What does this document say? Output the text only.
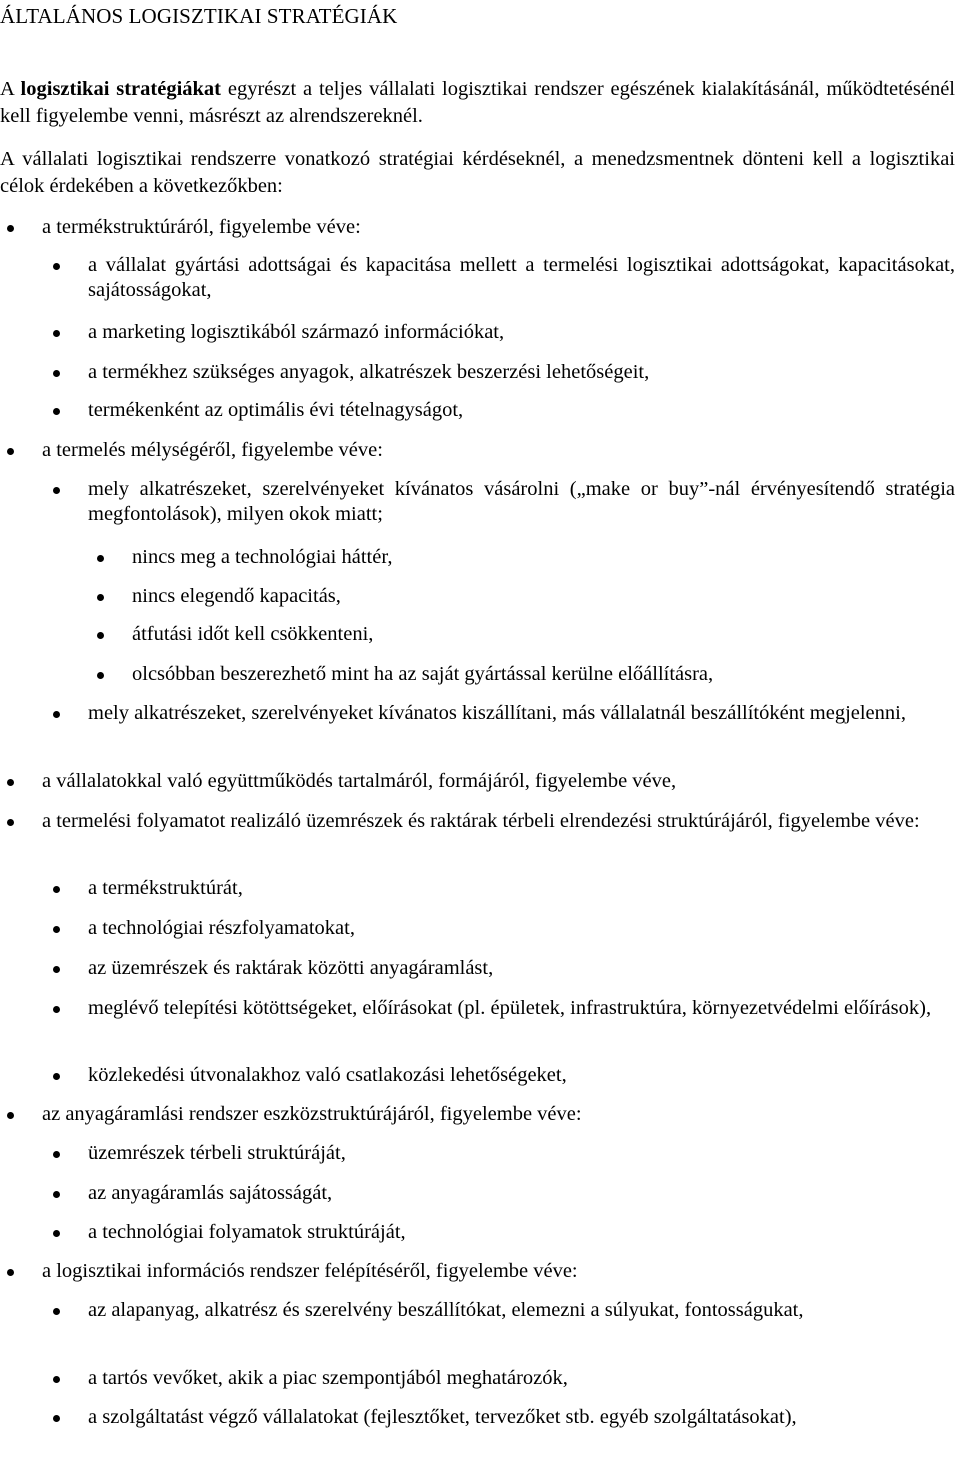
ÁLTALÁNOS LOGISZTIKAI STRATÉGIÁK
A logisztikai stratégiákat egyrészt a teljes vállalati logisztikai rendszer egészének kialakításánál, működtetésénél kell figyelembe venni, másrészt az alrendszereknél.
A vállalati logisztikai rendszerre vonatkozó stratégiai kérdéseknél, a menedzsmentnek dönteni kell a logisztikai célok érdekében a következőkben:
a termékstruktúráról, figyelembe véve:
a vállalat gyártási adottságai és kapacitása mellett a termelési logisztikai adottságokat, kapacitásokat, sajátosságokat,
a marketing logisztikából származó információkat,
a termékhez szükséges anyagok, alkatrészek beszerzési lehetőségeit,
termékenként az optimális évi tételnagyságot,
a termelés mélységéről, figyelembe véve:
mely alkatrészeket, szerelvényeket kívánatos vásárolni („make or buy”-nál érvényesítendő stratégia megfontolások), milyen okok miatt;
nincs meg a technológiai háttér,
nincs elegendő kapacitás,
átfutási időt kell csökkenteni,
olcsóbban beszerezhető mint ha az saját gyártással kerülne előállításra,
mely alkatrészeket, szerelvényeket kívánatos kiszállítani, más vállalatnál beszállítóként megjelenni,
a vállalatokkal való együttműködés tartalmáról, formájáról, figyelembe véve,
a termelési folyamatot realizáló üzemrészek és raktárak térbeli elrendezési struktúrájáról, figyelembe véve:
a termékstruktúrát,
a technológiai részfolyamatokat,
az üzemrészek és raktárak közötti anyagáramlást,
meglévő telepítési kötöttségeket, előírásokat (pl. épületek, infrastruktúra, környezetvédelmi előírások),
közlekedési útvonalakhoz való csatlakozási lehetőségeket,
az anyagáramlási rendszer eszközstruktúrájáról, figyelembe véve:
üzemrészek térbeli struktúráját,
az anyagáramlás sajátosságát,
a technológiai folyamatok struktúráját,
a logisztikai információs rendszer felépítéséről, figyelembe véve:
az alapanyag, alkatrész és szerelvény beszállítókat, elemezni a súlyukat, fontosságukat,
a tartós vevőket, akik a piac szempontjából meghatározók,
a szolgáltatást végző vállalatokat (fejlesztőket, tervezőket stb. egyéb szolgáltatásokat),
